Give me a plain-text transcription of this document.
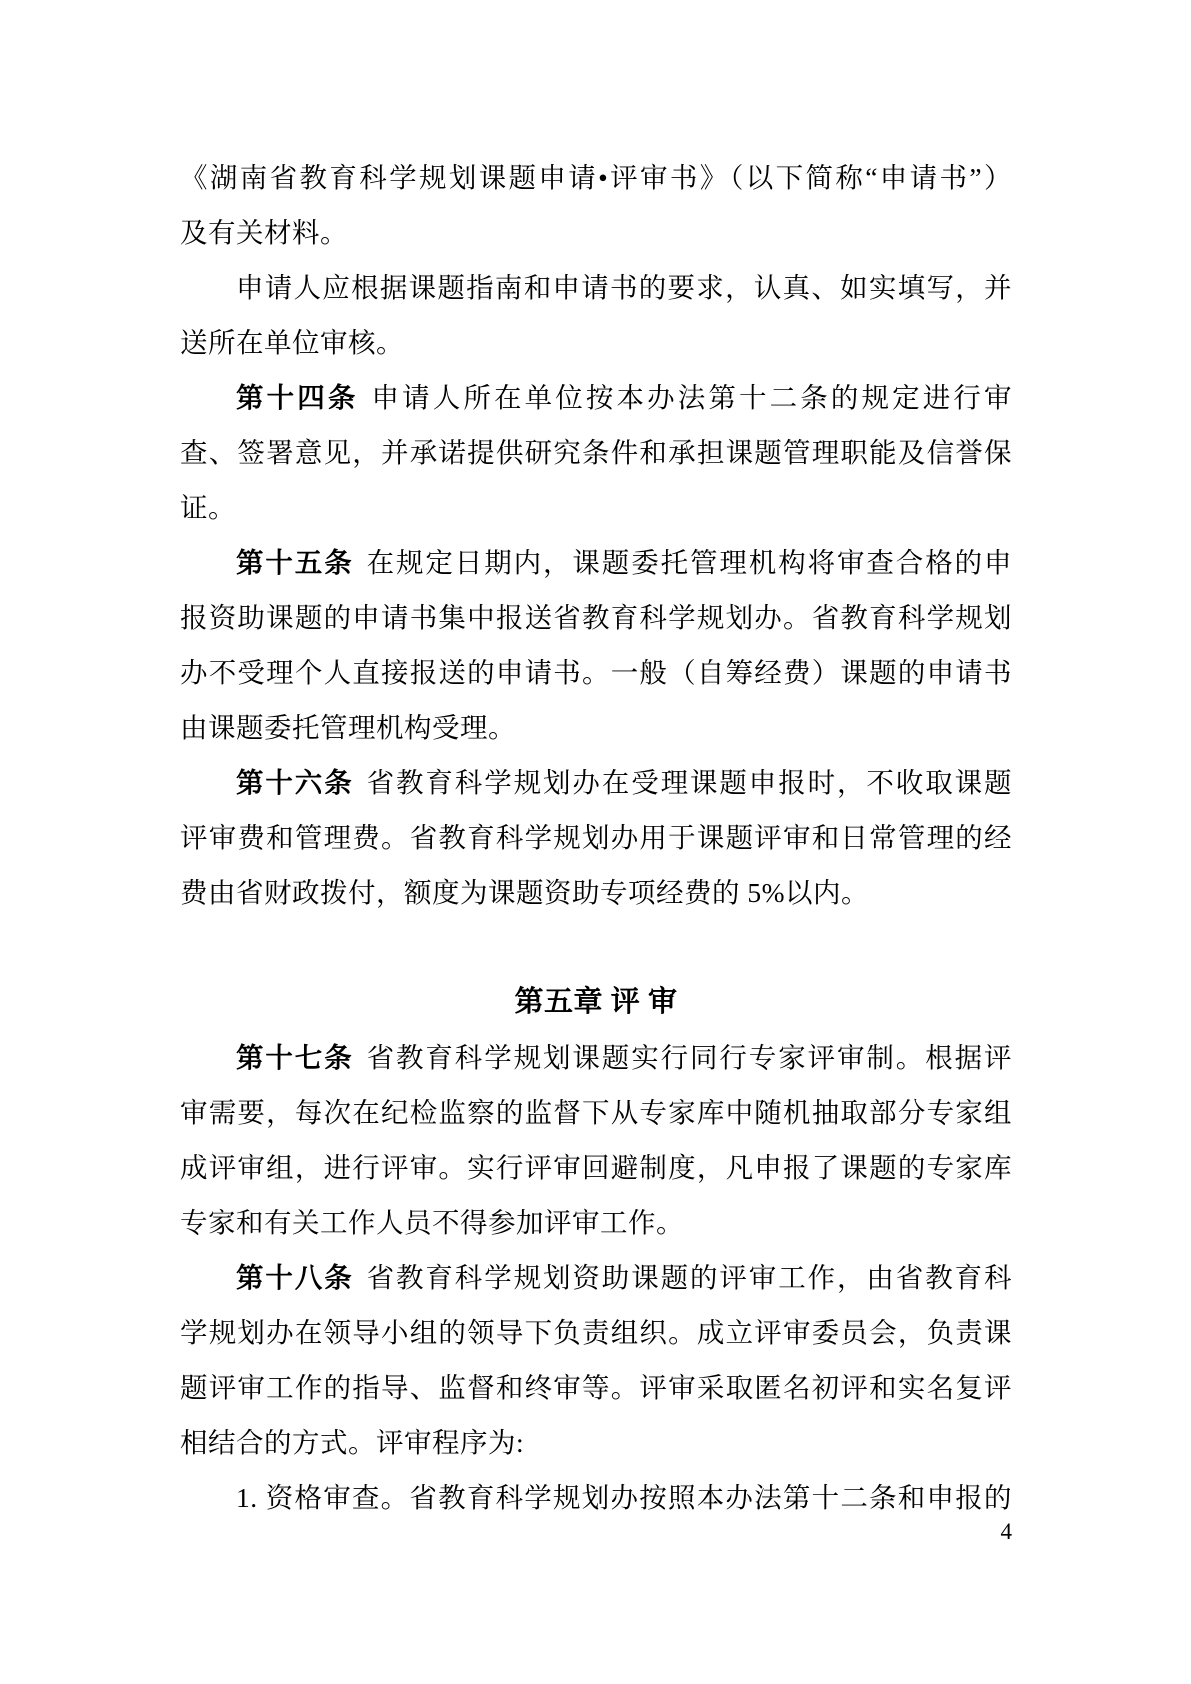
《湖南省教育科学规划课题申请•评审书》（以下简称“申请书”）
及有关材料。
申请人应根据课题指南和申请书的要求，认真、如实填写，并
送所在单位审核。
第十四条 申请人所在单位按本办法第十二条的规定进行审
查、签署意见，并承诺提供研究条件和承担课题管理职能及信誉保
证。
第十五条 在规定日期内，课题委托管理机构将审查合格的申
报资助课题的申请书集中报送省教育科学规划办。省教育科学规划
办不受理个人直接报送的申请书。一般（自筹经费）课题的申请书
由课题委托管理机构受理。
第十六条 省教育科学规划办在受理课题申报时，不收取课题
评审费和管理费。省教育科学规划办用于课题评审和日常管理的经
费由省财政拨付，额度为课题资助专项经费的 5%以内。
第五章 评 审
第十七条 省教育科学规划课题实行同行专家评审制。根据评
审需要，每次在纪检监察的监督下从专家库中随机抽取部分专家组
成评审组，进行评审。实行评审回避制度，凡申报了课题的专家库
专家和有关工作人员不得参加评审工作。
第十八条 省教育科学规划资助课题的评审工作，由省教育科
学规划办在领导小组的领导下负责组织。成立评审委员会，负责课
题评审工作的指导、监督和终审等。评审采取匿名初评和实名复评
相结合的方式。评审程序为:
1. 资格审查。省教育科学规划办按照本办法第十二条和申报的
4
